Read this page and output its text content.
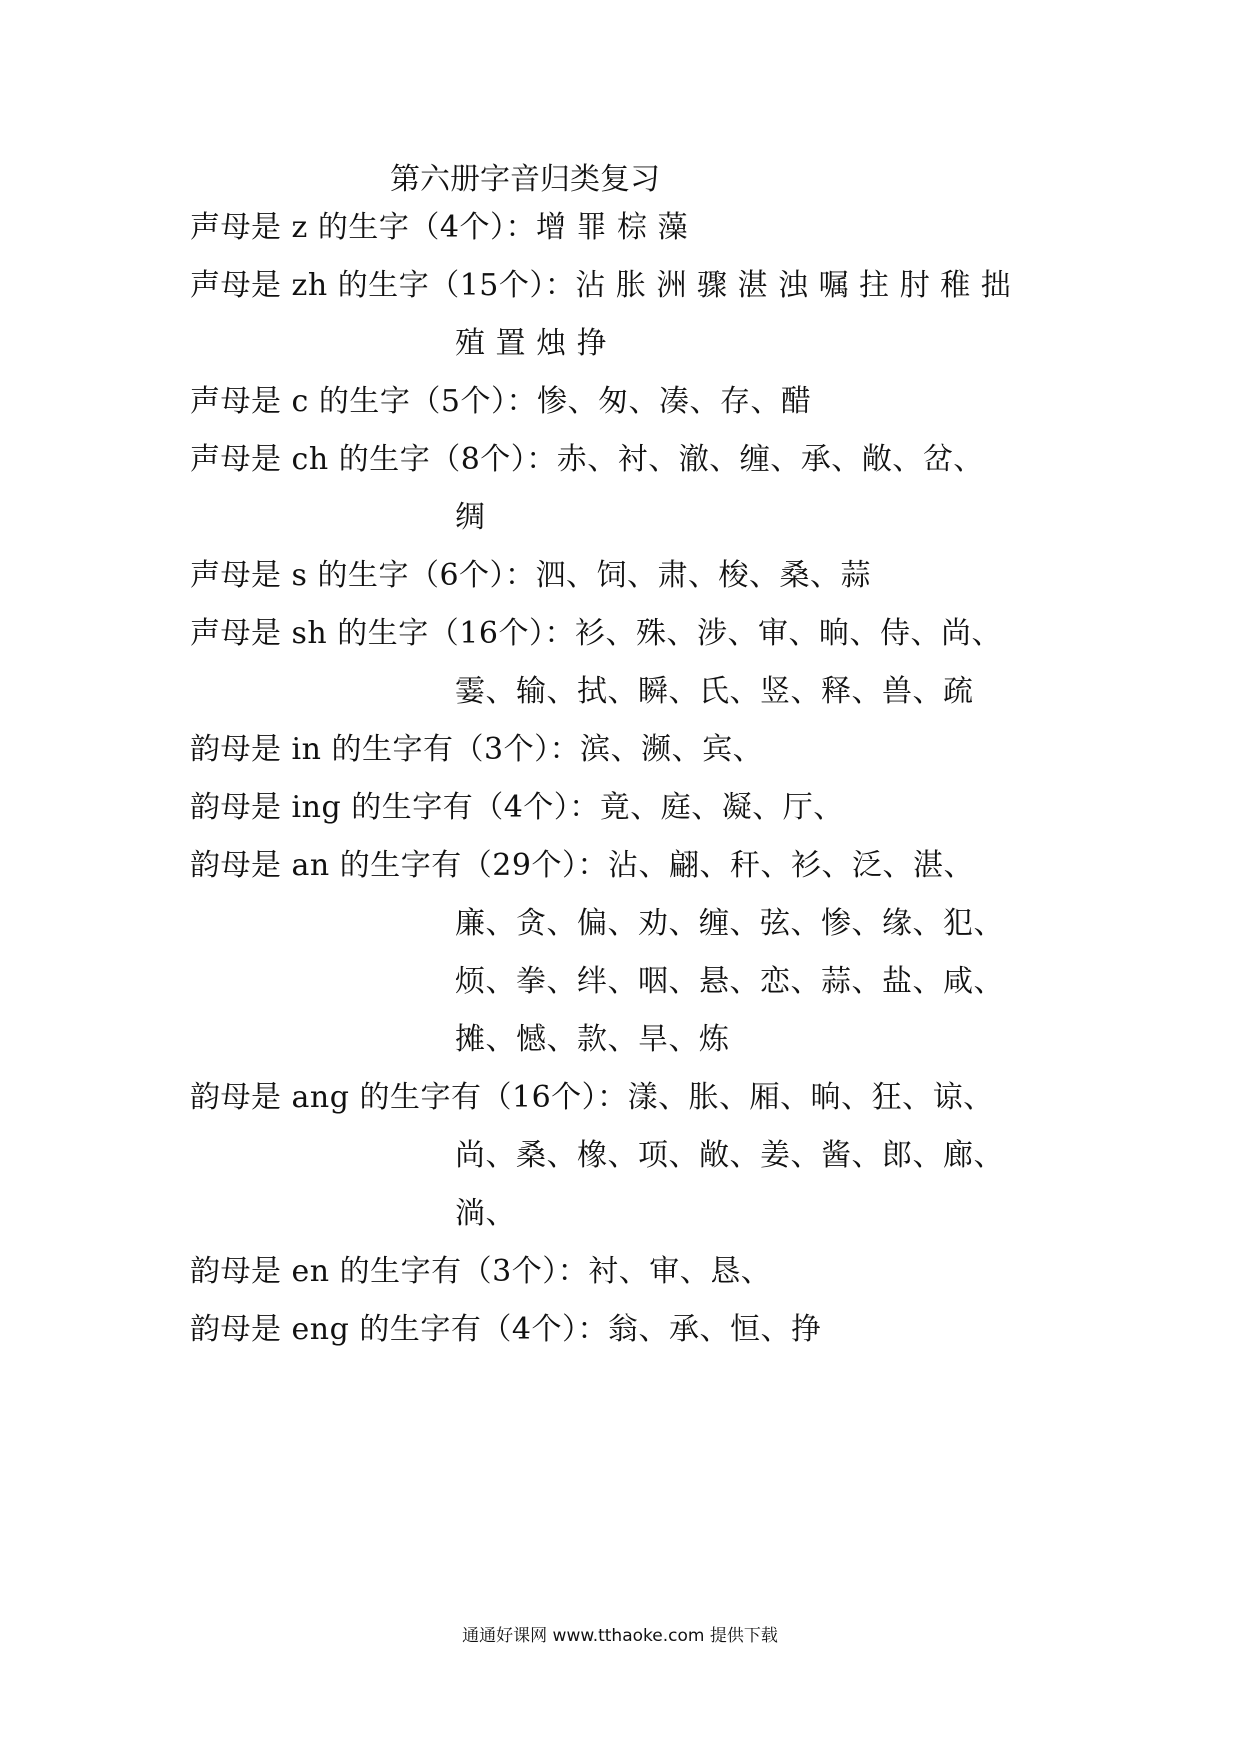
第六册字音归类复习
声母是 z 的生字（4个）：增 罪 棕 藻
声母是 zh 的生字（15个）：沾 胀 洲 骤 湛 浊 嘱 拄 肘 稚 拙
殖 置 烛 挣
声母是 c 的生字（5个）：惨、匆、凑、存、醋
声母是 ch 的生字（8个）：赤、衬、澈、缠、承、敞、岔、
绸
声母是 s 的生字（6个）：泗、饲、肃、梭、桑、蒜
声母是 sh 的生字（16个）：衫、殊、涉、审、晌、侍、尚、
霎、输、拭、瞬、氏、竖、释、兽、疏
韵母是 in 的生字有（3个）：滨、濒、宾、
韵母是 ing 的生字有（4个）：竟、庭、凝、厅、
韵母是 an 的生字有（29个）：沾、翩、秆、衫、泛、湛、
廉、贪、偏、劝、缠、弦、惨、缘、犯、
烦、拳、绊、咽、悬、恋、蒜、盐、咸、
摊、憾、款、旱、炼
韵母是 ang 的生字有（16个）：漾、胀、厢、晌、狂、谅、
尚、桑、橡、项、敞、姜、酱、郎、廊、
淌、
韵母是 en 的生字有（3个）：衬、审、恳、
韵母是 eng 的生字有（4个）：翁、承、恒、挣
通通好课网 www.tthaoke.com 提供下载
